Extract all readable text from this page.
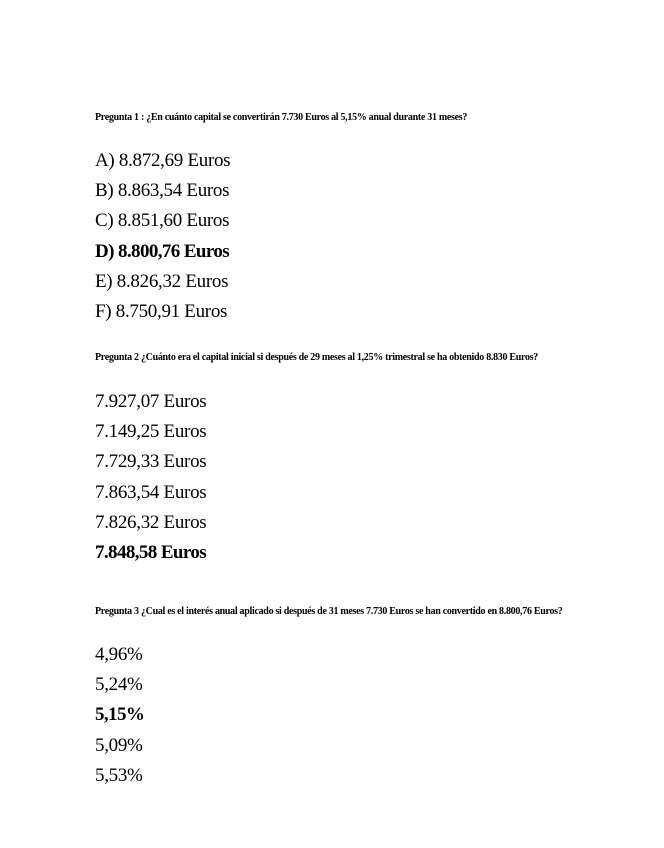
Pregunta 1 : ¿En cuánto capital se convertirán 7.730 Euros al 5,15% anual durante 31 meses?

A) 8.872,69 Euros
B) 8.863,54 Euros
C) 8.851,60 Euros
D) 8.800,76 Euros
E) 8.826,32 Euros
F) 8.750,91 Euros

Pregunta 2 ¿Cuánto era el capital inicial si después de 29 meses al 1,25% trimestral se ha obtenido 8.830 Euros?

7.927,07 Euros
7.149,25 Euros
7.729,33 Euros
7.863,54 Euros
7.826,32 Euros
7.848,58 Euros

Pregunta 3 ¿Cual es el interés anual aplicado si después de 31 meses 7.730 Euros se han convertido en 8.800,76 Euros?

4,96%
5,24%
5,15%
5,09%
5,53%
